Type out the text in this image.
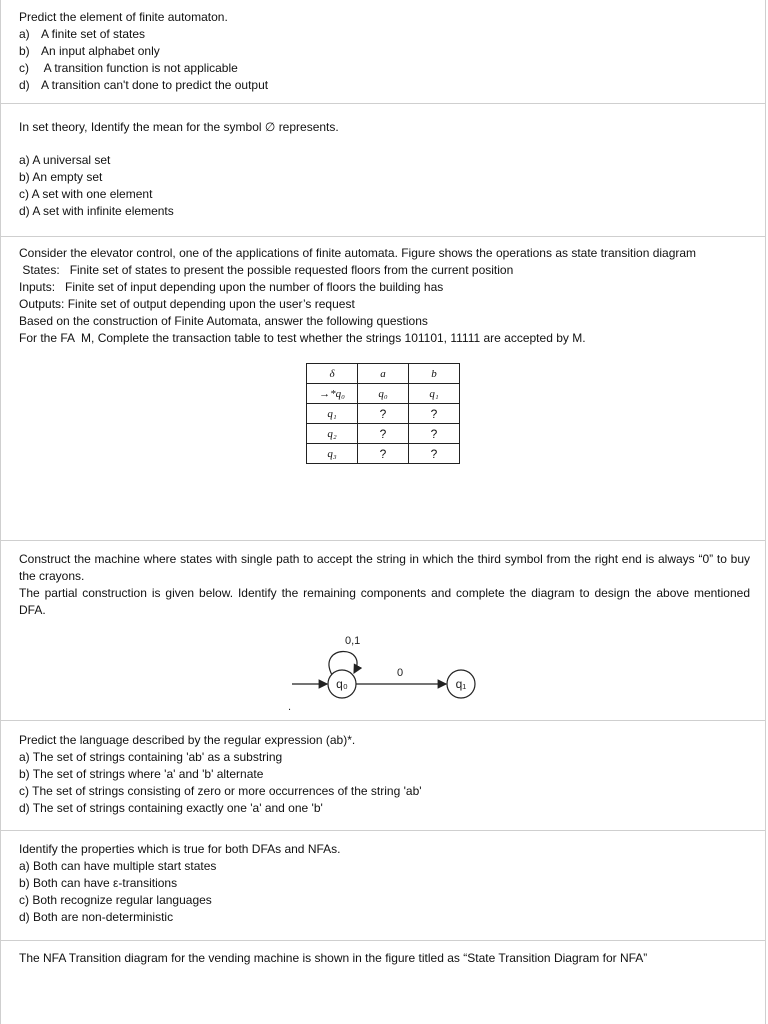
Predict the element of finite automaton.
a) A finite set of states
b) An input alphabet only
c) A transition function is not applicable
d) A transition can't done to predict the output
In set theory, Identify the mean for the symbol ∅ represents.
a) A universal set
b) An empty set
c) A set with one element
d) A set with infinite elements
Consider the elevator control, one of the applications of finite automata. Figure shows the operations as state transition diagram
States:   Finite set of states to present the possible requested floors from the current position
Inputs:   Finite set of input depending upon the number of floors the building has
Outputs: Finite set of output depending upon the user’s request
Based on the construction of Finite Automata, answer the following questions
For the FA  M, Complete the transaction table to test whether the strings 101101, 11111 are accepted by M.
δ	a	b
→*q₀	q₀	q₁
q₁	?	?
q₂	?	?
q₃	?	?
Construct the machine where states with single path to accept the string in which the third symbol from the right end is always “0” to buy the crayons.
The partial construction is given below. Identify the remaining components and complete the diagram to design the above mentioned DFA.
0,1
q₀
0
q₁
.
Predict the language described by the regular expression (ab)*.
a) The set of strings containing 'ab' as a substring
b) The set of strings where 'a' and 'b' alternate
c) The set of strings consisting of zero or more occurrences of the string 'ab'
d) The set of strings containing exactly one 'a' and one 'b'
Identify the properties which is true for both DFAs and NFAs.
a) Both can have multiple start states
b) Both can have ε-transitions
c) Both recognize regular languages
d) Both are non-deterministic
The NFA Transition diagram for the vending machine is shown in the figure titled as “State Transition Diagram for NFA”
